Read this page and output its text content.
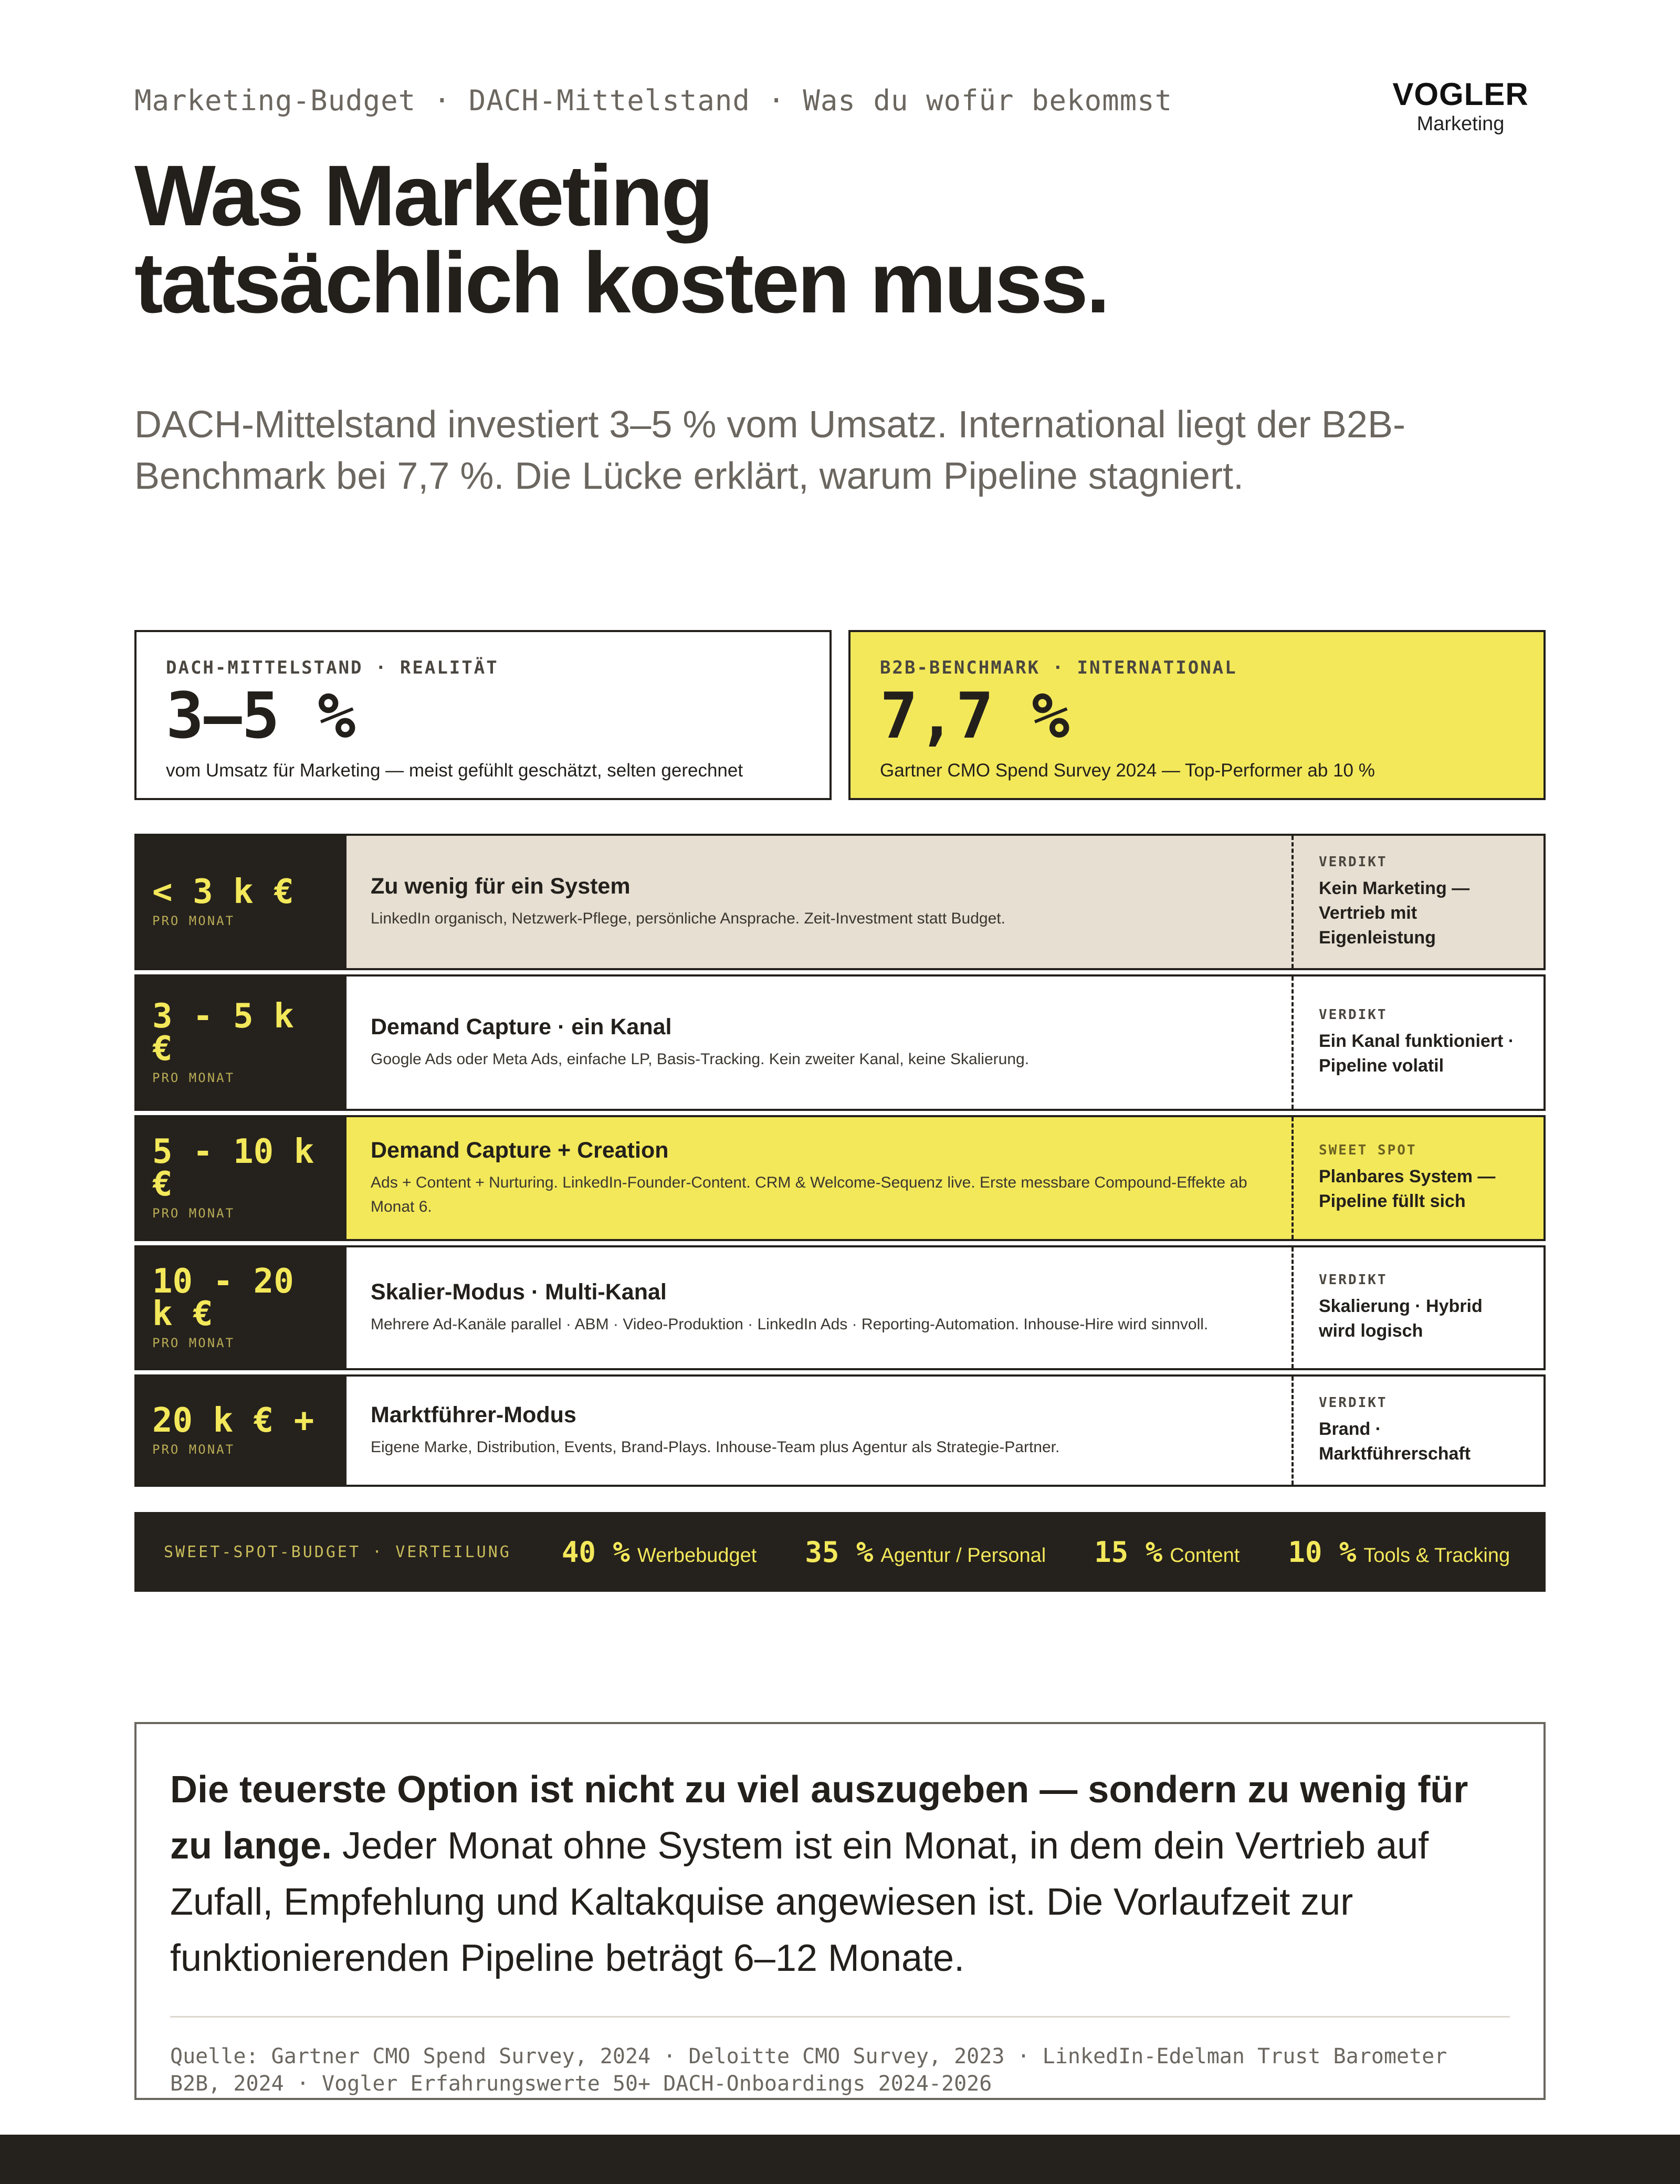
Marketing-Budget · DACH-Mittelstand · Was du wofür bekommst	VOGLER
Marketing
Was Marketing
tatsächlich kosten muss.

DACH-Mittelstand investiert 3–5 % vom Umsatz. International liegt der B2B-Benchmark bei 7,7 %. Die Lücke erklärt, warum Pipeline stagniert.

DACH-MITTELSTAND · REALITÄT
3–5 %
vom Umsatz für Marketing — meist gefühlt geschätzt, selten gerechnet
B2B-BENCHMARK · INTERNATIONAL
7,7 %
Gartner CMO Spend Survey 2024 — Top-Performer ab 10 %
< 3 k €
PRO MONAT
Zu wenig für ein System
LinkedIn organisch, Netzwerk-Pflege, persönliche Ansprache. Zeit-Investment statt Budget.
VERDIKT
Kein Marketing — Vertrieb mit Eigenleistung
3 - 5 k €
PRO MONAT
Demand Capture · ein Kanal
Google Ads oder Meta Ads, einfache LP, Basis-Tracking. Kein zweiter Kanal, keine Skalierung.
VERDIKT
Ein Kanal funktioniert · Pipeline volatil
5 - 10 k €
PRO MONAT
Demand Capture + Creation
Ads + Content + Nurturing. LinkedIn-Founder-Content. CRM & Welcome-Sequenz live. Erste messbare Compound-Effekte ab Monat 6.
SWEET SPOT
Planbares System — Pipeline füllt sich
10 - 20 k €
PRO MONAT
Skalier-Modus · Multi-Kanal
Mehrere Ad-Kanäle parallel · ABM · Video-Produktion · LinkedIn Ads · Reporting-Automation. Inhouse-Hire wird sinnvoll.
VERDIKT
Skalierung · Hybrid wird logisch
20 k € +
PRO MONAT
Marktführer-Modus
Eigene Marke, Distribution, Events, Brand-Plays. Inhouse-Team plus Agentur als Strategie-Partner.
VERDIKT
Brand · Marktführerschaft
SWEET-SPOT-BUDGET · VERTEILUNG 40 % Werbebudget 35 % Agentur / Personal 15 % Content 10 % Tools & Tracking

Die teuerste Option ist nicht zu viel auszugeben — sondern zu wenig für zu lange. Jeder Monat ohne System ist ein Monat, in dem dein Vertrieb auf Zufall, Empfehlung und Kaltakquise angewiesen ist. Die Vorlaufzeit zur funktionierenden Pipeline beträgt 6–12 Monate.

Quelle: Gartner CMO Spend Survey, 2024 · Deloitte CMO Survey, 2023 · LinkedIn-Edelman Trust Barometer B2B, 2024 · Vogler Erfahrungswerte 50+ DACH-Onboardings 2024-2026
